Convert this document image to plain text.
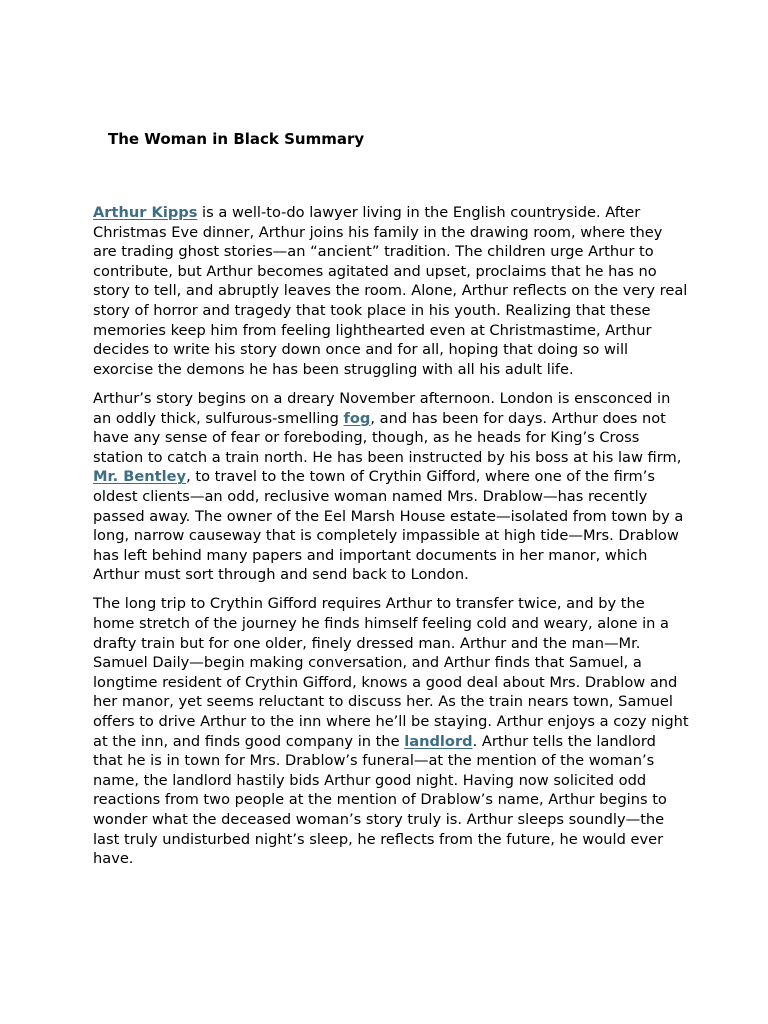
The Woman in Black Summary

Arthur Kipps is a well-to-do lawyer living in the English countryside. After Christmas Eve dinner, Arthur joins his family in the drawing room, where they are trading ghost stories—an “ancient” tradition. The children urge Arthur to contribute, but Arthur becomes agitated and upset, proclaims that he has no story to tell, and abruptly leaves the room. Alone, Arthur reflects on the very real story of horror and tragedy that took place in his youth. Realizing that these memories keep him from feeling lighthearted even at Christmastime, Arthur decides to write his story down once and for all, hoping that doing so will exorcise the demons he has been struggling with all his adult life.

Arthur’s story begins on a dreary November afternoon. London is ensconced in an oddly thick, sulfurous-smelling fog, and has been for days. Arthur does not have any sense of fear or foreboding, though, as he heads for King’s Cross station to catch a train north. He has been instructed by his boss at his law firm, Mr. Bentley, to travel to the town of Crythin Gifford, where one of the firm’s oldest clients—an odd, reclusive woman named Mrs. Drablow—has recently passed away. The owner of the Eel Marsh House estate—isolated from town by a long, narrow causeway that is completely impassible at high tide—Mrs. Drablow has left behind many papers and important documents in her manor, which Arthur must sort through and send back to London.

The long trip to Crythin Gifford requires Arthur to transfer twice, and by the home stretch of the journey he finds himself feeling cold and weary, alone in a drafty train but for one older, finely dressed man. Arthur and the man—Mr. Samuel Daily—begin making conversation, and Arthur finds that Samuel, a longtime resident of Crythin Gifford, knows a good deal about Mrs. Drablow and her manor, yet seems reluctant to discuss her. As the train nears town, Samuel offers to drive Arthur to the inn where he’ll be staying. Arthur enjoys a cozy night at the inn, and finds good company in the landlord. Arthur tells the landlord that he is in town for Mrs. Drablow’s funeral—at the mention of the woman’s name, the landlord hastily bids Arthur good night. Having now solicited odd reactions from two people at the mention of Drablow’s name, Arthur begins to wonder what the deceased woman’s story truly is. Arthur sleeps soundly—the last truly undisturbed night’s sleep, he reflects from the future, he would ever have.
